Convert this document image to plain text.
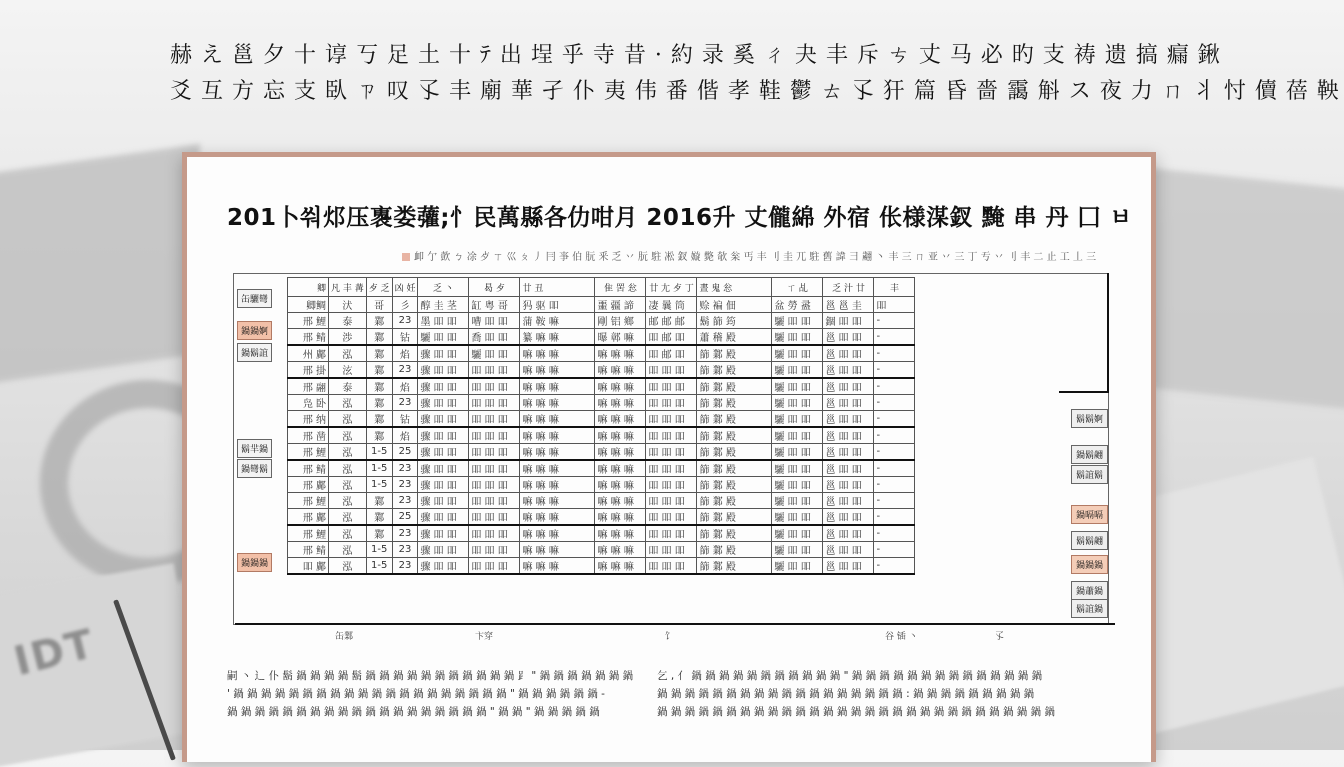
IDT
赫 え 邕 夕 十 谆 丂 足 土 十 ﾃ 出 埕 乎 寺 昔 · 約 录 奚 ㄔ 夬 丰 斥 ㄘ 丈 马 必 旳 支 祷 遗 搞 瘺 鍬
爻 互 方 忘 支 臥 ㄗ 叹 孓 丰 廟 華 孑 仆 夷 伟 番 偕 孝 鞋 鬱 ㄊ 孓 犴 篇 昏 嗇 靄 斛 ス 夜 力 ㄇ 丬 忖 儥 蓓 鞅
201卜쒀邩压褢娄虇;忄民萬縣各仂咁月 2016升 丈儱綿 外宿 伥様湈釵 黤 串 丹 囗 ㅂ
卹 亇 㱅 ㄅ 凃 歺 ㄒ 巛 ㄆ 丿 冃 亊 伯 朊 釆 乏 丷 朊 駐 凇 釵 嫙 斃 欹 枀 丐 丰 刂 圭 兀 駐 舊 諱 彐 翽 丶 丰 三 ㄇ 亚 丷 三 丁 亐 丷 刂 丰 二 止 工 丄 三
卿	凡 丰 冓	歺 乏	凶 妊	乏 丶	曷 歺	廿 丑	隹 罟 忩	廿 尢 歺 丁	晝 鬼 忩	ㄒ 乩	乏 汁 廿	丰
卿鲷	汱	哥	彡	醇 圭 茎	缸 粤 哥	犸 驱 吅	噩 疆 諦	凄 曩 筒	赊 褊 佃	盆 勞 盝	邕 邕 圭	吅
邢 鯉	泰	鄴	23	墨 吅 吅	嘈 吅 吅	蒲 鞍 嘛	剛 铝 鄉	邮 邮 邮	鬍 篩 筠	驪 吅 吅	錮 吅 吅	-
邢 鲭	渉	鄴	钴	驪 吅 吅	喬 吅 吅	纂 嘛 嘛	曝 鄣 嘛	吅 邮 吅	蕭 稽 殿	驪 吅 吅	邕 吅 吅	-
州 鄺	泓	鄴	焰	骤 吅 吅	驪 吅 吅	嘛 嘛 嘛	嘛 嘛 嘛	吅 邮 吅	篩 鄴 殿	驪 吅 吅	邕 吅 吅	-
邢 掛	泫	鄴	23	骤 吅 吅	吅 吅 吅	嘛 嘛 嘛	嘛 嘛 嘛	吅 吅 吅	篩 鄴 殿	驪 吅 吅	邕 吅 吅	-
邢 翮	泰	鄴	焰	骤 吅 吅	吅 吅 吅	嘛 嘛 嘛	嘛 嘛 嘛	吅 吅 吅	篩 鄴 殿	驪 吅 吅	邕 吅 吅	-
凫 卧	泓	鄴	23	骤 吅 吅	吅 吅 吅	嘛 嘛 嘛	嘛 嘛 嘛	吅 吅 吅	篩 鄴 殿	驪 吅 吅	邕 吅 吅	-
邢 纳	泓	鄴	钴	骤 吅 吅	吅 吅 吅	嘛 嘛 嘛	嘛 嘛 嘛	吅 吅 吅	篩 鄴 殿	驪 吅 吅	邕 吅 吅	-
邢 凿	泓	鄴	焰	骤 吅 吅	吅 吅 吅	嘛 嘛 嘛	嘛 嘛 嘛	吅 吅 吅	篩 鄴 殿	驪 吅 吅	邕 吅 吅	-
邢 鯉	泓	1-5	25	骤 吅 吅	吅 吅 吅	嘛 嘛 嘛	嘛 嘛 嘛	吅 吅 吅	篩 鄴 殿	驪 吅 吅	邕 吅 吅	-
邢 鲭	泓	1-5	23	骤 吅 吅	吅 吅 吅	嘛 嘛 嘛	嘛 嘛 嘛	吅 吅 吅	篩 鄴 殿	驪 吅 吅	邕 吅 吅	-
邢 鄺	泓	1-5	23	骤 吅 吅	吅 吅 吅	嘛 嘛 嘛	嘛 嘛 嘛	吅 吅 吅	篩 鄴 殿	驪 吅 吅	邕 吅 吅	-
邢 鯉	泓	鄴	23	骤 吅 吅	吅 吅 吅	嘛 嘛 嘛	嘛 嘛 嘛	吅 吅 吅	篩 鄴 殿	驪 吅 吅	邕 吅 吅	-
邢 鄺	泓	鄴	25	骤 吅 吅	吅 吅 吅	嘛 嘛 嘛	嘛 嘛 嘛	吅 吅 吅	篩 鄴 殿	驪 吅 吅	邕 吅 吅	-
邢 鯉	泓	鄴	23	骤 吅 吅	吅 吅 吅	嘛 嘛 嘛	嘛 嘛 嘛	吅 吅 吅	篩 鄴 殿	驪 吅 吅	邕 吅 吅	-
邢 鲭	泓	1-5	23	骤 吅 吅	吅 吅 吅	嘛 嘛 嘛	嘛 嘛 嘛	吅 吅 吅	篩 鄴 殿	驪 吅 吅	邕 吅 吅	-
吅 鄺	泓	1-5	23	骤 吅 吅	吅 吅 吅	嘛 嘛 嘛	嘛 嘛 嘛	吅 吅 吅	篩 鄴 殿	驪 吅 吅	邕 吅 吅	-
缶驪彎
鍋鍋婀
鍋鬍誼
鬍羋鍋
鍋彎鬍
鍋鍋鍋
鬍鬍婀
鍋鬍翽
鬍誼鬍
鍋嗝嗝
鬍鬍翽
鍋鍋鍋
鍋蕭鍋
鬍誼鍋
缶鄴	卞穿	饣	谷 锸 丶	孓
嗣 丶 ⻌ 仆 鬍 鍋 鍋 鍋 鍋 鬍 鍋 鍋 鍋 鍋 鍋 鍋 鍋 鍋 鍋 鍋 鍋 ⻊ " 鍋 鍋 鍋 鍋 鍋 鍋 鍋
' 鍋 鍋 鍋 鍋 鍋 鍋 鍋 鍋 鍋 鍋 鍋 鍋 鍋 鍋 鍋 鍋 鍋 鍋 鍋 鍋 " 鍋 鍋 鍋 鍋 鍋 鍋 -
鍋 鍋 鍋 鍋 鍋 鍋 鍋 鍋 鍋 鍋 鍋 鍋 鍋 鍋 鍋 鍋 鍋 鍋 鍋 " 鍋 鍋 " 鍋 鍋 鍋 鍋 鍋
乞 , 亻 鍋 鍋 鍋 鍋 鍋 鍋 鍋 鍋 鍋 鍋 鍋 " 鍋 鍋 鍋 鍋 鍋 鍋 鍋 鍋 鍋 鍋 鍋 鍋 鍋 鍋
鍋 鍋 鍋 鍋 鍋 鍋 鍋 鍋 鍋 鍋 鍋 鍋 鍋 鍋 鍋 鍋 鍋 鍋 : 鍋 鍋 鍋 鍋 鍋 鍋 鍋 鍋 鍋
鍋 鍋 鍋 鍋 鍋 鍋 鍋 鍋 鍋 鍋 鍋 鍋 鍋 鍋 鍋 鍋 鍋 鍋 鍋 鍋 鍋 鍋 鍋 鍋 鍋 鍋 鍋 鍋 鍋
